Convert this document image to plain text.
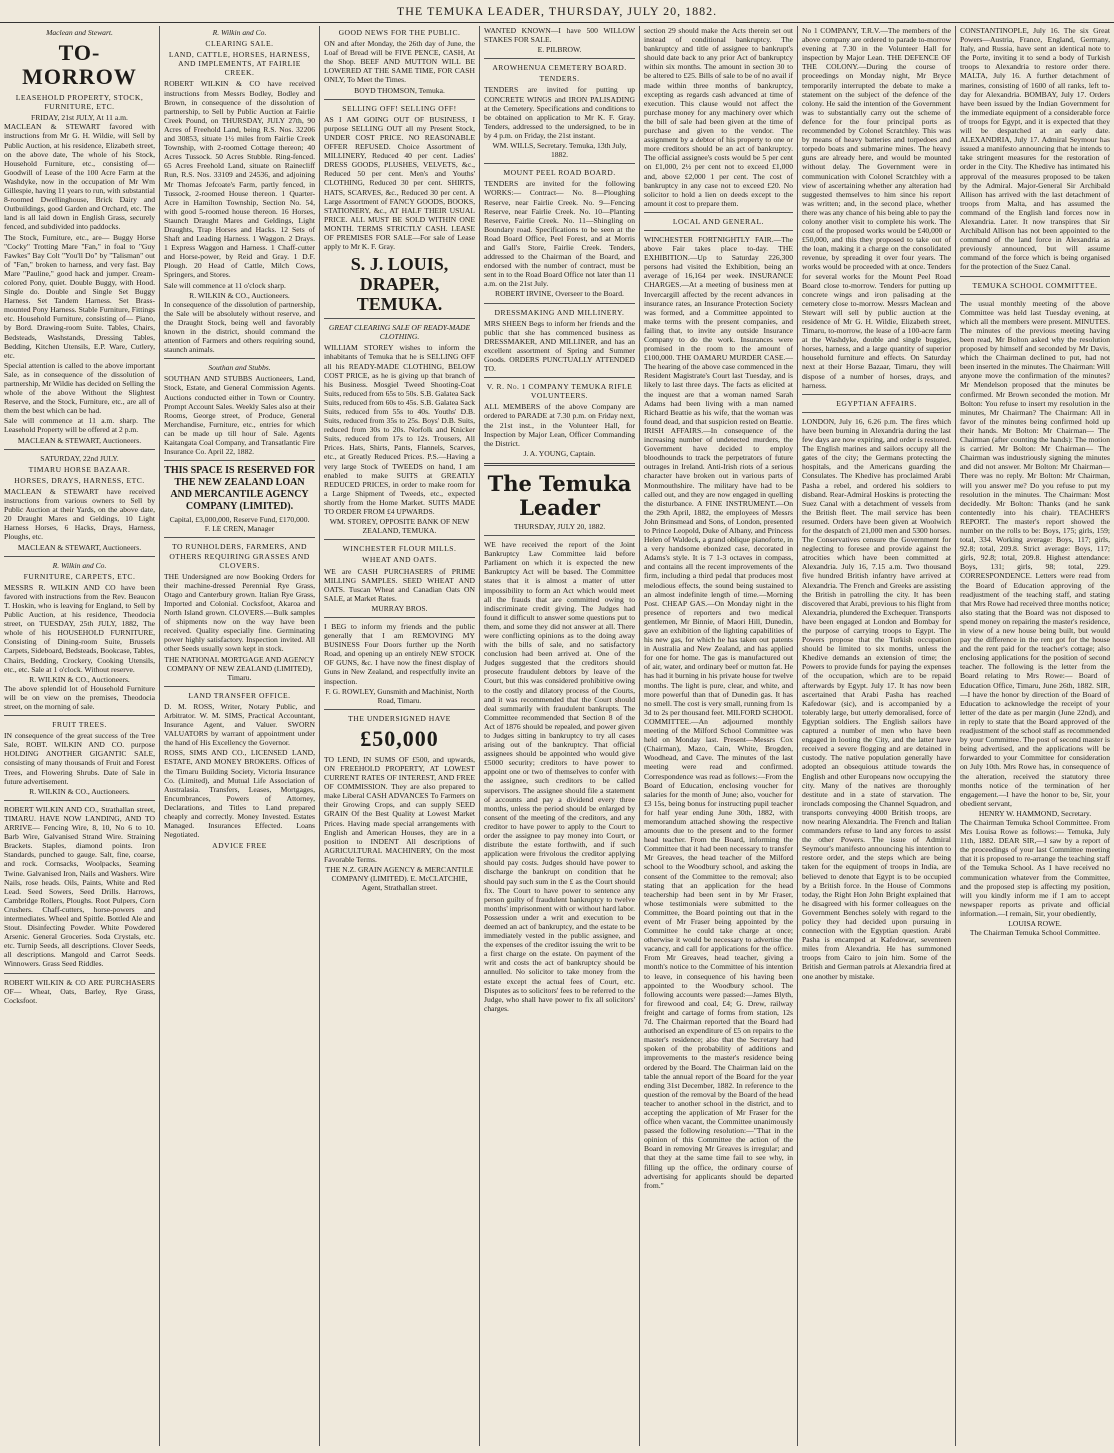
THE TEMUKA LEADER, THURSDAY, JULY 20, 1882.
Maclean and Stewart.
TO-MORROW
LEASEHOLD PROPERTY, STOCK, FURNITURE, ETC.
FRIDAY, 21st JULY, At 11 a.m.

MACLEAN & STEWART favored with instructions from Mr G. H. Wildie, will Sell by Public Auction, at his residence, Elizabeth street, on the above date, The whole of his Stock, Household Furniture, etc., consisting of— Goodwill of Lease of the 100 Acre Farm at the Washdyke, now in the occupation of Mr Wm Gillespie, having 11 years to run, with substantial 8-roomed Dwellinghouse, Brick Dairy and Outbuildings, good Garden and Orchard, etc. The land is all laid down in English Grass, securely fenced, and subdivided into paddocks.

The Stock, Furniture, etc., are— Buggy Horse "Cocky" Trotting Mare "Fan," in foal to "Guy Fawkes" Bay Colt "You'll Do" by "Talisman" out of "Fan," broken to harness, and very fast. Bay Mare "Pauline," good hack and jumper. Cream-colored Pony, quiet. Double Buggy, with Hood. Single do. Double and Single Set Buggy Harness. Set Tandem Harness. Set Brass-mounted Pony Harness. Stable Furniture, Fittings etc. Household Furniture, consisting of— Piano, by Bord. Drawing-room Suite. Tables, Chairs, Bedsteads, Washstands, Dressing Tables, Bedding, Kitchen Utensils, E.P. Ware, Cutlery, etc.

Special attention is called to the above important Sale, as in consequence of the dissolution of partnership, Mr Wildie has decided on Selling the whole of the above Without the Slightest Reserve, and the Stock, Furniture, etc., are all of them the best which can be had.

Sale will commence at 11 a.m. sharp. The Leasehold Property will be offered at 2 p.m.

MACLEAN & STEWART, Auctioneers.
SATURDAY, 22nd JULY.
TIMARU HORSE BAZAAR.
HORSES, DRAYS, HARNESS, ETC.

MACLEAN & STEWART have received instructions from various owners to Sell by Public Auction at their Yards, on the above date, 20 Draught Mares and Geldings, 10 Light Harness Horses, 6 Hacks, Drays, Harness, Ploughs, etc.

MACLEAN & STEWART, Auctioneers.
R. Wilkin and Co.
FURNITURE, CARPETS, ETC.

MESSRS R. WILKIN AND CO have been favored with instructions from the Rev. Beaucon T. Hoskin, who is leaving for England, to Sell by Public Auction, at his residence, Theodocia street, on TUESDAY, 25th JULY, 1882, The whole of his HOUSEHOLD FURNITURE, Consisting of Dining-room Suite, Brussels Carpets, Sideboard, Bedsteads, Bookcase, Tables, Chairs, Bedding, Crockery, Cooking Utensils, etc., etc. Sale at 1 o'clock. Without reserve.

R. WILKIN & CO., Auctioneers.

The above splendid lot of Household Furniture will be on view on the premises, Theodocia street, on the morning of sale.

FRUIT TREES.

IN consequence of the great success of the Tree Sale, ROBT. WILKIN AND CO. purpose HOLDING ANOTHER GIGANTIC SALE, consisting of many thousands of Fruit and Forest Trees, and Flowering Shrubs. Date of Sale in future advertisement.

R. WILKIN & CO., Auctioneers.

ROBERT WILKIN AND CO., Strathallan street, TIMARU. HAVE NOW LANDING, AND TO ARRIVE— Fencing Wire, 8, 10, No 6 to 10. Barb Wire, Galvanised Strand Wire. Straining Brackets. Staples, diamond points. Iron Standards, punched to gauge. Salt, fine, coarse, and rock. Cornsacks, Woolpacks, Seaming Twine. Galvanised Iron, Nails and Washers. Wire Nails, rose heads. Oils, Paints, White and Red Lead. Seed Sowers, Seed Drills. Harrows, Cambridge Rollers, Ploughs. Root Pulpers, Corn Crushers. Chaff-cutters, horse-powers and intermediates. Wheel and Spittle. Bottled Ale and Stout. Disinfecting Powder. White Powdered Arsenic. General Groceries. Soda Crystals, etc. etc. Turnip Seeds, all descriptions. Clover Seeds, all descriptions. Mangold and Carrot Seeds. Winnowers. Grass Seed Riddles.

ROBERT WILKIN & CO ARE PURCHASERS OF— Wheat, Oats, Barley, Rye Grass, Cocksfoot.

R. Wilkin and Co.
CLEARING SALE.
LAND, CATTLE, HORSES, HARNESS, AND IMPLEMENTS, AT FAIRLIE CREEK.

ROBERT WILKIN & CO have received instructions from Messrs Bodley, Bodley and Brown, in consequence of the dissolution of partnership, to Sell by Public Auction at Fairlie Creek Pound, on THURSDAY, JULY 27th, 90 Acres of Freehold Land, being R.S. Nos. 32206 and 30853, situate 1½ miles from Fairlie Creek Township, with 2-roomed Cottage thereon; 40 Acres Tussock. 50 Acres Stubble. Ring-fenced. 65 Acres Freehold Land, situate on Rainecliff Run, R.S. Nos. 33109 and 24536, and adjoining Mr Thomas Jefcoate's Farm, partly fenced, in Tussock, 2-roomed House thereon. 1 Quarter-Acre in Hamilton Township, Section No. 54, with good 5-roomed house thereon. 16 Horses, Staunch Draught Mares and Geldings, Light Draughts, Trap Horses and Hacks. 12 Sets of Shaft and Leading Harness. 1 Waggon. 2 Drays. 1 Express Waggon and Harness. 1 Chaff-cutter and Horse-power, by Reid and Gray. 1 D.F. Plough. 20 Head of Cattle, Milch Cows, Springers, and Stores.

Sale will commence at 11 o'clock sharp.

R. WILKIN & CO., Auctioneers.

In consequence of the dissolution of partnership, the Sale will be absolutely without reserve, and the Draught Stock, being well and favorably known in the district, should command the attention of Farmers and others requiring sound, staunch animals.

Southan and Stubbs.

SOUTHAN AND STUBBS Auctioneers, Land, Stock, Estate, and General Commission Agents. Auctions conducted either in Town or Country. Prompt Account Sales. Weekly Sales also at their Rooms, George street, of Produce, General Merchandise, Furniture, etc., entries for which can be made up till hour of Sale. Agents Kaitangata Coal Company, and Transatlantic Fire Insurance Co. April 22, 1882.

THIS SPACE IS RESERVED FOR THE NEW ZEALAND LOAN AND MERCANTILE AGENCY COMPANY (LIMITED).
Capital, £3,000,000, Reserve Fund, £170,000.
F. LE CREN, Manager
TO RUNHOLDERS, FARMERS, AND OTHERS REQUIRING GRASSES AND CLOVERS.

THE Undersigned are now Booking Orders for their machine-dressed Perennial Rye Grass, Otago and Canterbury grown. Italian Rye Grass, Imported and Colonial. Cocksfoot, Akaroa and North Island grown. CLOVERS.—Bulk samples of shipments now on the way have been received. Quality especially fine. Germinating power highly satisfactory. Inspection invited. All other Seeds usually sown kept in stock.

THE NATIONAL MORTGAGE AND AGENCY COMPANY OF NEW ZEALAND (LIMITED), Timaru.
LAND TRANSFER OFFICE.

D. M. ROSS, Writer, Notary Public, and Arbitrator. W. M. SIMS, Practical Accountant, Insurance Agent, and Valuer. SWORN VALUATORS by warrant of appointment under the hand of His Excellency the Governor.

ROSS, SIMS AND CO., LICENSED LAND, ESTATE, AND MONEY BROKERS. Offices of the Timaru Building Society, Victoria Insurance Co. (Limited), and Mutual Life Association of Australasia. Transfers, Leases, Mortgages, Encumbrances, Powers of Attorney, Declarations, and Titles to Land prepared cheaply and correctly. Money Invested. Estates Managed. Insurances Effected. Loans Negotiated.

ADVICE FREE
GOOD NEWS FOR THE PUBLIC.

ON and after Monday, the 26th day of June, the Loaf of Bread will be FIVE PENCE, CASH, At the Shop. BEEF AND MUTTON WILL BE LOWERED AT THE SAME TIME, FOR CASH ONLY, To Meet the Times.

BOYD THOMSON, Temuka.
SELLING OFF! SELLING OFF!

AS I AM GOING OUT OF BUSINESS, I purpose SELLING OUT all my Present Stock, UNDER COST PRICE. NO REASONABLE OFFER REFUSED. Choice Assortment of MILLINERY, Reduced 40 per cent. Ladies' DRESS GOODS, PLUSHES, VELVETS, &c., Reduced 50 per cent. Men's and Youths' CLOTHING, Reduced 30 per cent. SHIRTS, HATS, SCARVES, &c., Reduced 30 per cent. A Large Assortment of FANCY GOODS, BOOKS, STATIONERY, &c., AT HALF THEIR USUAL PRICE. ALL MUST BE SOLD WITHIN ONE MONTH. TERMS STRICTLY CASH. LEASE OF PREMISES FOR SALE—For sale of Lease apply to Mr K. F. Gray.

S. J. LOUIS, DRAPER, TEMUKA.
GREAT CLEARING SALE OF READY-MADE CLOTHING.

WILLIAM STOREY wishes to inform the inhabitants of Temuka that he is SELLING OFF all his READY-MADE CLOTHING, BELOW COST PRICE, as he is giving up that branch of his Business. Mosgiel Tweed Shooting-Coat Suits, reduced from 65s to 50s. S.B. Galatea Sack Suits, reduced from 60s to 45s. S.B. Galatea Sack Suits, reduced from 55s to 40s. Youths' D.B. Suits, reduced from 35s to 25s. Boys' D.B. Suits, reduced from 30s to 20s. Norfolk and Knicker Suits, reduced from 17s to 12s. Trousers, All Prices. Hats, Shirts, Pants, Flannels, Scarves, etc., at Greatly Reduced Prices. P.S.—Having a very large Stock of TWEEDS on hand, I am enabled to make SUITS at GREATLY REDUCED PRICES, in order to make room for a Large Shipment of Tweeds, etc., expected shortly from the Home Market. SUITS MADE TO ORDER FROM £4 UPWARDS.

WM. STOREY, OPPOSITE BANK OF NEW ZEALAND, TEMUKA.
WINCHESTER FLOUR MILLS.
WHEAT AND OATS.

WE are CASH PURCHASERS of PRIME MILLING SAMPLES. SEED WHEAT AND OATS. Tuscan Wheat and Canadian Oats ON SALE, at Market Rates.

MURRAY BROS.

I BEG to inform my friends and the public generally that I am REMOVING MY BUSINESS Four Doors further up the North Road, and opening up an entirely NEW STOCK OF GUNS, &c. I have now the finest display of Guns in New Zealand, and respectfully invite an inspection.

F. G. ROWLEY, Gunsmith and Machinist, North Road, Timaru.
THE UNDERSIGNED HAVE
£50,000

TO LEND, IN SUMS OF £500, and upwards, ON FREEHOLD PROPERTY, AT LOWEST CURRENT RATES OF INTEREST, AND FREE OF COMMISSION. They are also prepared to make Liberal CASH ADVANCES To Farmers on their Growing Crops, and can supply SEED GRAIN Of the Best Quality at Lowest Market Prices. Having made special arrangements with English and American Houses, they are in a position to INDENT All descriptions of AGRICULTURAL MACHINERY, On the most Favorable Terms.

THE N.Z. GRAIN AGENCY & MERCANTILE COMPANY (LIMITED). E. McCLATCHIE, Agent, Strathallan street.

WANTED KNOWN—I have 500 WILLOW STAKES FOR SALE.

E. PILBROW.
AROWHENUA CEMETERY BOARD.
TENDERS.

TENDERS are invited for putting up CONCRETE WINGS and IRON PALISADING at the Cemetery. Specifications and conditions to be obtained on application to Mr K. F. Gray. Tenders, addressed to the undersigned, to be in by 4 p.m. on Friday, the 21st instant.

WM. WILLS, Secretary. Temuka, 13th July, 1882.
MOUNT PEEL ROAD BOARD.

TENDERS are invited for the following WORKS:— Contract— No. 8—Ploughing Reserve, near Fairlie Creek. No. 9—Fencing Reserve, near Fairlie Creek. No. 10—Planting Reserve, Fairlie Creek. No. 11—Shingling on Boundary road. Specifications to be seen at the Road Board Office, Peel Forest, and at Morris and Gall's Store, Fairlie Creek. Tenders, addressed to the Chairman of the Board, and endorsed with the number of contract, must be sent in to the Road Board Office not later than 11 a.m. on the 21st July.

ROBERT IRVINE, Overseer to the Board.
DRESSMAKING AND MILLINERY.

MRS SHEEN Begs to inform her friends and the public that she has commenced business as DRESSMAKER, AND MILLINER, and has an excellent assortment of Spring and Summer Goods. ORDERS PUNCTUALLY ATTENDED TO.

V. R. No. 1 COMPANY TEMUKA RIFLE VOLUNTEERS.

ALL MEMBERS of the above Company are ordered to PARADE at 7.30 p.m. on Friday next, the 21st inst., in the Volunteer Hall, for Inspection by Major Lean, Officer Commanding the District.

J. A. YOUNG, Captain.
The Temuka Leader
THURSDAY, JULY 20, 1882.

WE have received the report of the Joint Bankruptcy Law Committee laid before Parliament on which it is expected the new Bankruptcy Act will be based. The Committee states that it is almost a matter of utter impossibility to form an Act which would meet all the frauds that are committed owing to indiscriminate credit giving. The Judges had found it difficult to answer some questions put to them, and some they did not answer at all. There were conflicting opinions as to the doing away with the bills of sale, and no satisfactory conclusion had been arrived at. One of the Judges suggested that the creditors should prosecute fraudulent debtors by leave of the Court, but this was considered prohibitive owing to the costly and dilatory process of the Courts, and it was recommended that the Court should deal summarily with fraudulent bankrupts. The Committee recommended that Section 8 of the Act of 1876 should be repealed, and power given to Judges sitting in bankruptcy to try all cases arising out of the bankruptcy. That official assignees should be appointed who would give £5000 security; creditors to have power to appoint one or two of themselves to confer with the assignee, such creditors to be called supervisors. The assignee should file a statement of accounts and pay a dividend every three months, unless the period should be enlarged by consent of the meeting of the creditors, and any creditor to have power to apply to the Court to order the assignee to pay money into Court, or distribute the estate forthwith, and if such application were frivolous the creditor applying should pay costs. Judges should have power to discharge the bankrupt on condition that he should pay such sum in the £ as the Court should fix. The Court to have power to sentence any person guilty of fraudulent bankruptcy to twelve months' imprisonment with or without hard labor. Possession under a writ and execution to be deemed an act of bankruptcy, and the estate to be immediately vested in the public assignee, and the expenses of the creditor issuing the writ to be a first charge on the estate. On payment of the writ and costs the act of bankruptcy should be annulled. No solicitor to take money from the estate except the actual fees of Court, etc. Disputes as to solicitors' fees to be referred to the Judge, who shall have power to fix all solicitors' charges.

section 29 should make the Acts therein set out instead of conditional bankruptcy. The bankruptcy and title of assignee to bankrupt's should date back to any prior Act of bankruptcy within six months. The amount in section 30 to be altered to £25. Bills of sale to be of no avail if made within three months of bankruptcy, excepting as regards cash advanced at time of execution. This clause would not affect the purchase money for any machinery over which the bill of sale had been given at the time of purchase and given to the vendor. The assignment by a debtor of his property to one or more creditors should be an act of bankruptcy. The official assignee's costs would be 5 per cent on £1,000, 2½ per cent not to exceed £1,000 and, above £2,000 1 per cent. The cost of bankruptcy in any case not to exceed £20. No solicitor to hold a lien on deeds except to the amount it cost to prepare them.

LOCAL AND GENERAL.

WINCHESTER FORTNIGHTLY FAIR.—The above Fair takes place to-day. THE EXHIBITION.—Up to Saturday 226,300 persons had visited the Exhibition, being an average of 16,164 per week. INSURANCE CHARGES.—At a meeting of business men at Invercargill affected by the recent advances in insurance rates, an Insurance Protection Society was formed, and a Committee appointed to make terms with the present companies, and failing that, to invite any outside Insurance Company to do the work. Insurances were promised in the room to the amount of £100,000. THE OAMARU MURDER CASE.—The hearing of the above case commenced in the Resident Magistrate's Court last Tuesday, and is likely to last three days. The facts as elicited at the inquest are that a woman named Sarah Adams had been living with a man named Richard Beattie as his wife, that the woman was found dead, and that suspicion rested on Beattie. IRISH AFFAIRS.—In consequence of the increasing number of undetected murders, the Government have decided to employ bloodhounds to track the perpetrators of future outrages in Ireland. Anti-Irish riots of a serious character have broken out in various parts of Monmouthshire. The military have had to be called out, and they are now engaged in quelling the disturbance. A FINE INSTRUMENT.—On the 29th April, 1882, the employees of Messrs John Brinsmead and Sons, of London, presented to Prince Leopold, Duke of Albany, and Princess Helen of Waldeck, a grand oblique pianoforte, in a very handsome ebonized case, decorated in Adams's style. It is 7 1-3 octaves in compass, and contains all the recent improvements of the firm, including a third pedal that produces most melodious effects, the sound being sustained to an almost indefinite length of time.—Morning Post. CHEAP GAS.—On Monday night in the presence of reporters and two medical gentlemen, Mr Binnie, of Maori Hill, Dunedin, gave an exhibition of the lighting capabilities of his new gas, for which he has taken out patents in Australia and New Zealand, and has applied for one for home. The gas is manufactured out of air, water, and ordinary beef or mutton fat. He has had it burning in his private house for twelve months. The light is pure, clear, and white, and more powerful than that of Dunedin gas. It has no smell. The cost is very small, running from 1s 3d to 2s per thousand feet. MILFORD SCHOOL COMMITTEE.—An adjourned monthly meeting of the Milford School Committee was held on Monday last. Present—Messrs Cox (Chairman), Mazo, Cain, White, Brogden, Woodhead, and Cave. The minutes of the last meeting were read and confirmed. Correspondence was read as follows:—From the Board of Education, enclosing voucher for salaries for the month of June; also, voucher for £3 15s, being bonus for instructing pupil teacher for half year ending June 30th, 1882, with memorandum attached showing the respective amounts due to the present and to the former head teacher. From the Board, informing the Committee that it had been necessary to transfer Mr Greaves, the head teacher of the Milford school to the Woodbury school, and asking the consent of the Committee to the removal; also stating that an application for the head teachership had been sent in by Mr Fraser, whose testimonials were submitted to the Committee, the Board pointing out that in the event of Mr Fraser being appointed by the Committee he could take charge at once; otherwise it would be necessary to advertise the vacancy, and call for applications for the office. From Mr Greaves, head teacher, giving a month's notice to the Committee of his intention to leave, in consequence of his having been appointed to the Woodbury school. The following accounts were passed:—James Blyth, for firewood and coal, £4; G. Drew, railway freight and cartage of forms from station, 12s 7d. The Chairman reported that the Board had authorised an expenditure of £5 on repairs to the master's residence; also that the Secretary had spoken of the probability of additions and improvements to the master's residence being ordered by the Board. The Chairman laid on the table the annual report of the Board for the year ending 31st December, 1882. In reference to the question of the removal by the Board of the head teacher to another school in the district, and to accepting the application of Mr Fraser for the office when vacant, the Committee unanimously passed the following resolution:—"That in the opinion of this Committee the action of the Board in removing Mr Greaves is irregular; and that they at the same time fail to see why, in filling up the office, the ordinary course of advertising for applicants should be departed from."

No 1 COMPANY, T.R.V.—The members of the above company are ordered to parade to-morrow evening at 7.30 in the Volunteer Hall for inspection by Major Lean. THE DEFENCE OF THE COLONY.—During the course of proceedings on Monday night, Mr Bryce temporarily interrupted the debate to make a statement on the subject of the defence of the colony. He said the intention of the Government was to substantially carry out the scheme of defence for the four principal ports as recommended by Colonel Scratchley. This was by means of heavy batteries and torpedoes and torpedo boats and submarine mines. The heavy guns are already here, and would be mounted without delay. The Government were in communication with Colonel Scratchley with a view of ascertaining whether any alteration had suggested themselves to him since his report was written; and, in the second place, whether there was any chance of his being able to pay the colony another visit to complete his work. The cost of the proposed works would be £40,000 or £50,000, and this they proposed to take out of the loan, making it a charge on the consolidated revenue, by spreading it over four years. The works would be proceeded with at once. Tenders for several works for the Mount Peel Road Board close to-morrow. Tenders for putting up concrete wings and iron palisading at the cemetery close to-morrow. Messrs Maclean and Stewart will sell by public auction at the residence of Mr G. H. Wildie, Elizabeth street, Timaru, to-morrow, the lease of a 100-acre farm at the Washdyke, double and single buggies, horses, harness, and a large quantity of superior household furniture and effects. On Saturday next at their Horse Bazaar, Timaru, they will dispose of a number of horses, drays, and harness.

EGYPTIAN AFFAIRS.

LONDON, July 16, 6.26 p.m. The fires which have been burning in Alexandria during the last few days are now expiring, and order is restored. The English marines and sailors occupy all the gates of the city; the Germans protecting the hospitals, and the Americans guarding the Consulates. The Khedive has proclaimed Arabi Pasha a rebel, and ordered his soldiers to disband. Rear-Admiral Hoskins is protecting the Suez Canal with a detachment of vessels from the British fleet. The mail service has been resumed. Orders have been given at Woolwich for the despatch of 21,000 men and 5300 horses. The Conservatives censure the Government for neglecting to foresee and provide against the atrocities which have been committed at Alexandria. July 16, 7.15 a.m. Two thousand five hundred British infantry have arrived at Alexandria. The French and Greeks are assisting the British in patrolling the city. It has been discovered that Arabi, previous to his flight from Alexandria, plundered the Exchequer. Transports have been engaged at London and Bombay for the purpose of carrying troops to Egypt. The Powers propose that the Turkish occupation should be limited to six months, unless the Khedive demands an extension of time; the Powers to provide funds for paying the expenses of the occupation, which are to be repaid afterwards by Egypt. July 17. It has now been ascertained that Arabi Pasha has reached Kafedowar (sic), and is accompanied by a tolerably large, but utterly demoralised, force of Egyptian soldiers. The English sailors have captured a number of men who have been engaged in looting the City, and the latter have received a severe flogging and are detained in custody. The native population generally have adopted an obsequious attitude towards the English and other Europeans now occupying the city. Many of the natives are thoroughly destitute and in a state of starvation. The ironclads composing the Channel Squadron, and transports conveying 4000 British troops, are now nearing Alexandria. The French and Italian commanders refuse to land any forces to assist the other Powers. The issue of Admiral Seymour's manifesto announcing his intention to restore order, and the steps which are being taken for the equipment of troops in India, are believed to denote that Egypt is to be occupied by a British force. In the House of Commons today, the Right Hon John Bright explained that he disagreed with his former colleagues on the Government Benches solely with regard to the policy they had decided upon pursuing in connection with the Egyptian question. Arabi Pasha is encamped at Kafedowar, seventeen miles from Alexandria. He has summoned troops from Cairo to join him. Some of the British and German patrols at Alexandria fired at one another by mistake.

CONSTANTINOPLE, July 16. The six Great Powers—Austria, France, England, Germany, Italy, and Russia, have sent an identical note to the Porte, inviting it to send a body of Turkish troops to Alexandria to restore order there. MALTA, July 16. A further detachment of marines, consisting of 1600 of all ranks, left to-day for Alexandria. BOMBAY, July 17. Orders have been issued by the Indian Government for the immediate equipment of a considerable force of troops for Egypt, and it is expected that they will be despatched at an early date. ALEXANDRIA, July 17. Admiral Seymour has issued a manifesto announcing that he intends to take stringent measures for the restoration of order in the City. The Khedive has intimated his approval of the measures proposed to be taken by the Admiral. Major-General Sir Archibald Allison has arrived with the last detachment of troops from Malta, and has assumed the command of the English land forces now in Alexandria. Later. It now transpires that Sir Archibald Allison has not been appointed to the command of the land force in Alexandria as previously announced, but will assume command of the force which is being organised for the protection of the Suez Canal.

TEMUKA SCHOOL COMMITTEE.

The usual monthly meeting of the above Committee was held last Tuesday evening, at which all the members were present. MINUTES. The minutes of the previous meeting having been read, Mr Bolton asked why the resolution proposed by himself and seconded by Mr Davis, which the Chairman declined to put, had not been inserted in the minutes. The Chairman: Will anyone move the confirmation of the minutes? Mr Mendelson proposed that the minutes be confirmed. Mr Brown seconded the motion. Mr Bolton: You refuse to insert my resolution in the minutes, Mr Chairman? The Chairman: All in favor of the minutes being confirmed hold up their hands. Mr Bolton: Mr Chairman— The Chairman (after counting the hands): The motion is carried. Mr Bolton: Mr Chairman— The Chairman was industriously signing the minutes and did not answer. Mr Bolton: Mr Chairman— There was no reply. Mr Bolton: Mr Chairman, will you answer me? Do you refuse to put my resolution in the minutes. The Chairman: Most decidedly. Mr Bolton: Thanks (and he sank contentedly into his chair). TEACHER'S REPORT. The master's report showed the number on the rolls to be: Boys, 175; girls, 159; total, 334. Working average: Boys, 117; girls, 92.8; total, 209.8. Strict average: Boys, 117; girls, 92.8; total, 209.8. Highest attendance: Boys, 131; girls, 98; total, 229. CORRESPONDENCE. Letters were read from the Board of Education approving of the readjustment of the teaching staff, and stating that Mrs Rowe had received three months notice; also stating that the Board was not disposed to spend money on repairing the master's residence, in view of a new house being built, but would pay the difference in the rent got for the house and the rent paid for the teacher's cottage; also enclosing applications for the position of second teacher. The following is the letter from the Board relating to Mrs Rowe:— Board of Education Office, Timaru, June 26th, 1882. SIR,—I have the honor by direction of the Board of Education to acknowledge the receipt of your letter of the date as per margin (June 22nd), and in reply to state that the Board approved of the readjustment of the school staff as recommended by your Committee. The post of second master is being advertised, and the applications will be forwarded to your Committee for consideration on July 10th. Mrs Rowe has, in consequence of the alteration, received the statutory three months notice of the termination of her engagement.—I have the honor to be, Sir, your obedient servant,

HENRY W. HAMMOND, Secretary.

The Chairman Temuka School Committee. From Mrs Louisa Rowe as follows:— Temuka, July 11th, 1882. DEAR SIR,—I saw by a report of the proceedings of your last Committee meeting that it is proposed to re-arrange the teaching staff of the Temuka School. As I have received no communication whatever from the Committee, and the proposed step is affecting my position, will you kindly inform me if I am to accept newspaper reports as private and official information.—I remain, Sir, your obediently,

LOUISA ROWE.
The Chairman Temuka School Committee.
